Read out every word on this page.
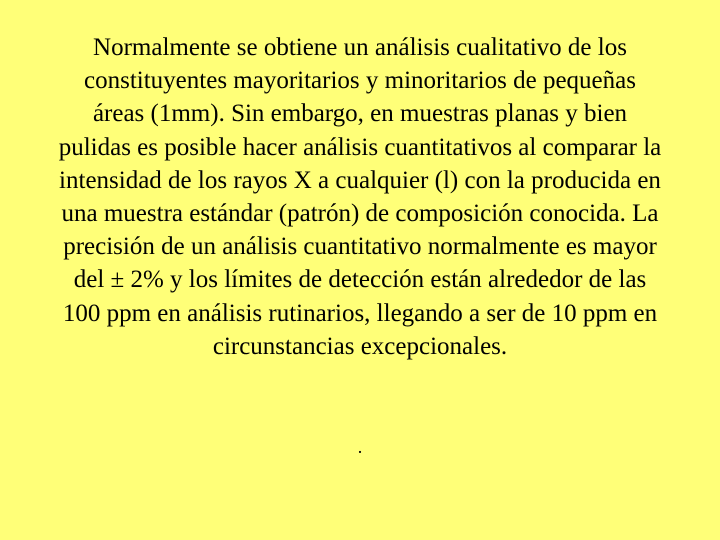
Normalmente se obtiene un análisis cualitativo de los constituyentes mayoritarios y minoritarios de pequeñas áreas (1mm). Sin embargo, en muestras planas y bien pulidas es posible hacer análisis cuantitativos al comparar la intensidad de los rayos X a cualquier (l) con la producida en una muestra estándar (patrón) de composición conocida. La precisión de un análisis cuantitativo normalmente es mayor del ± 2% y los límites de detección están alrededor de las 100 ppm en análisis rutinarios, llegando a ser de 10 ppm en circunstancias excepcionales.

.
